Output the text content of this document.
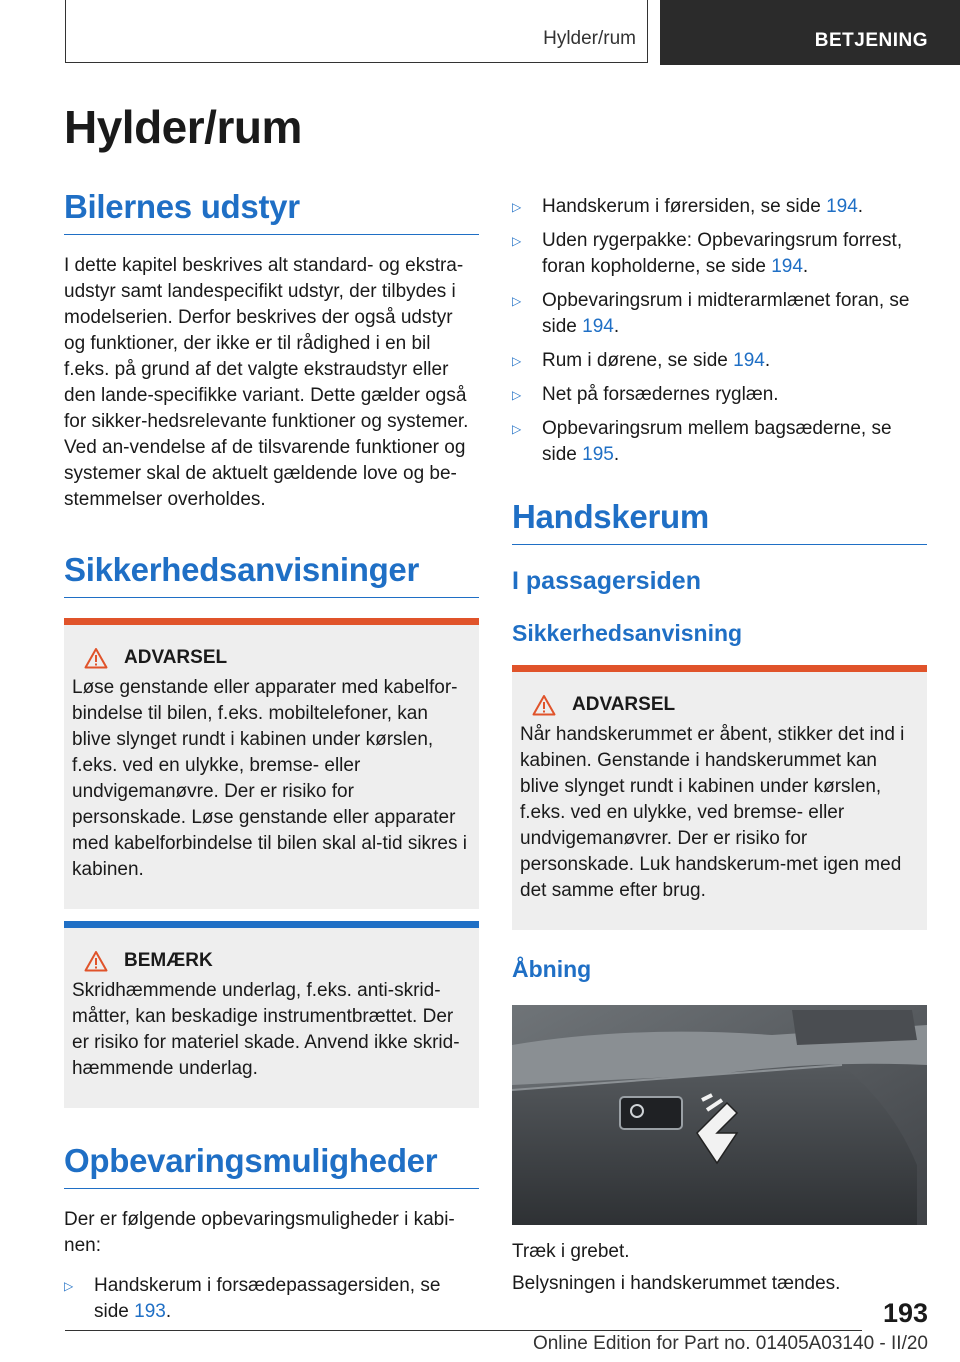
Hylder/rum	BETJENING
Hylder/rum
Bilernes udstyr

I dette kapitel beskrives alt standard- og ekstra-udstyr samt landespecifikt udstyr, der tilbydes i modelserien. Derfor beskrives der også udstyr og funktioner, der ikke er til rådighed i en bil f.eks. på grund af det valgte ekstraudstyr eller den lande-specifikke variant. Dette gælder også for sikker-hedsrelevante funktioner og systemer. Ved an-vendelse af de tilsvarende funktioner og systemer skal de aktuelt gældende love og be-stemmelser overholdes.

Sikkerhedsanvisninger
ADVARSEL

Løse genstande eller apparater med kabelfor-bindelse til bilen, f.eks. mobiltelefoner, kan blive slynget rundt i kabinen under kørslen, f.eks. ved en ulykke, bremse- eller undvigemanøvre. Der er risiko for personskade. Løse genstande eller apparater med kabelforbindelse til bilen skal al-tid sikres i kabinen.

BEMÆRK

Skridhæmmende underlag, f.eks. anti-skrid-måtter, kan beskadige instrumentbrættet. Der er risiko for materiel skade. Anvend ikke skrid-hæmmende underlag.

Opbevaringsmuligheder

Der er følgende opbevaringsmuligheder i kabi-nen:

▷ Handskerum i forsædepassagersiden, se side 193.
▷ Handskerum i førersiden, se side 194.
▷ Uden rygerpakke: Opbevaringsrum forrest, foran kopholderne, se side 194.
▷ Opbevaringsrum i midterarmlænet foran, se side 194.
▷ Rum i dørene, se side 194.
▷ Net på forsædernes ryglæn.
▷ Opbevaringsrum mellem bagsæderne, se side 195.
Handskerum
I passagersiden
Sikkerhedsanvisning
ADVARSEL

Når handskerummet er åbent, stikker det ind i kabinen. Genstande i handskerummet kan blive slynget rundt i kabinen under kørslen, f.eks. ved en ulykke, ved bremse- eller undvigemanøvrer. Der er risiko for personskade. Luk handskerum-met igen med det samme efter brug.

Åbning

Træk i grebet.

Belysningen i handskerummet tændes.

193
Online Edition for Part no. 01405A03140 - II/20
